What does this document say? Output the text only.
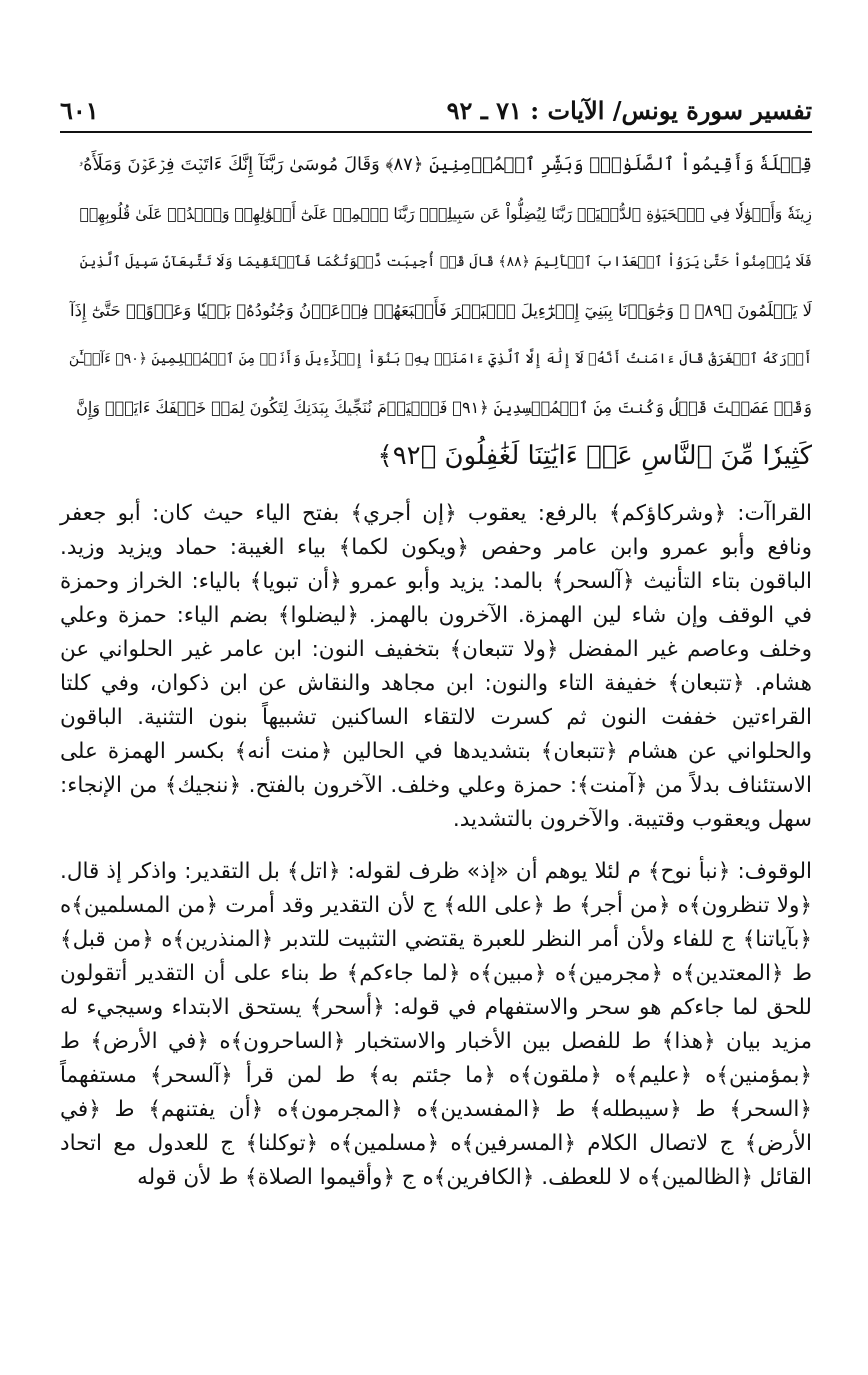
تفسير سورة يونس/ الآيات : ٧١ ـ ٩٢
٦٠١
قِبۡلَةٗ وَأَقِيمُواْ ٱلصَّلَوٰةَۗ وَبَشِّرِ ٱلۡمُؤۡمِنِينَ ﴿٨٧﴾ وَقَالَ مُوسَىٰ رَبَّنَآ إِنَّكَ ءَاتَيۡتَ فِرۡعَوۡنَ وَمَلَأَهُۥ
زِينَةٗ وَأَمۡوَٰلٗا فِي ٱلۡحَيَوٰةِ ٱلدُّنۡيَاۖ رَبَّنَا لِيُضِلُّواْ عَن سَبِيلِكَۖ رَبَّنَا ٱطۡمِسۡ عَلَىٰٓ أَمۡوَٰلِهِمۡ وَٱشۡدُدۡ عَلَىٰ قُلُوبِهِمۡ
فَلَا يُؤۡمِنُواْ حَتَّىٰ يَرَوُاْ ٱلۡعَذَابَ ٱلۡأَلِيمَ ﴿٨٨﴾ قَالَ قَدۡ أُجِيبَت دَّعۡوَتُكُمَا فَٱسۡتَقِيمَا وَلَا تَتَّبِعَآنِّ سَبِيلَ ٱلَّذِينَ
لَا يَعۡلَمُونَ ﴿٨٩﴾ ۞ وَجَٰوَزۡنَا بِبَنِيٓ إِسۡرَٰٓءِيلَ ٱلۡبَحۡرَ فَأَتۡبَعَهُمۡ فِرۡعَوۡنُ وَجُنُودُهُۥ بَغۡيٗا وَعَدۡوًاۖ حَتَّىٰٓ إِذَآ
أَدۡرَكَهُ ٱلۡغَرَقُ قَالَ ءَامَنتُ أَنَّهُۥ لَآ إِلَٰهَ إِلَّا ٱلَّذِيٓ ءَامَنَتۡ بِهِۦ بَنُوٓاْ إِسۡرَٰٓءِيلَ وَأَنَا۠ مِنَ ٱلۡمُسۡلِمِينَ ﴿٩٠﴾ ءَآلۡـَٰٔنَ
وَقَدۡ عَصَيۡتَ قَبۡلُ وَكُنتَ مِنَ ٱلۡمُفۡسِدِينَ ﴿٩١﴾ فَٱلۡيَوۡمَ نُنَجِّيكَ بِبَدَنِكَ لِتَكُونَ لِمَنۡ خَلۡفَكَ ءَايَةٗۚ وَإِنَّ
كَثِيرٗا مِّنَ ٱلنَّاسِ عَنۡ ءَايَٰتِنَا لَغَٰفِلُونَ ﴿٩٢﴾

القراآت: ﴿وشركاؤكم﴾ بالرفع: يعقوب ﴿إن أجري﴾ بفتح الياء حيث كان: أبو جعفر ونافع وأبو عمرو وابن عامر وحفص ﴿ويكون لكما﴾ بياء الغيبة: حماد ويزيد وزيد. الباقون بتاء التأنيث ﴿آلسحر﴾ بالمد: يزيد وأبو عمرو ﴿أن تبويا﴾ بالياء: الخراز وحمزة في الوقف وإن شاء لين الهمزة. الآخرون بالهمز. ﴿ليضلوا﴾ بضم الياء: حمزة وعلي وخلف وعاصم غير المفضل ﴿ولا تتبعان﴾ بتخفيف النون: ابن عامر غير الحلواني عن هشام. ﴿تتبعان﴾ خفيفة التاء والنون: ابن مجاهد والنقاش عن ابن ذكوان، وفي كلتا القراءتين خففت النون ثم كسرت لالتقاء الساكنين تشبيهاً بنون التثنية. الباقون والحلواني عن هشام ﴿تتبعان﴾ بتشديدها في الحالين ﴿منت أنه﴾ بكسر الهمزة على الاستئناف بدلاً من ﴿آمنت﴾: حمزة وعلي وخلف. الآخرون بالفتح. ﴿ننجيك﴾ من الإنجاء: سهل ويعقوب وقتيبة. والآخرون بالتشديد.

الوقوف: ﴿نبأ نوح﴾ م لئلا يوهم أن «إذ» ظرف لقوله: ﴿اتل﴾ بل التقدير: واذكر إذ قال. ﴿ولا تنظرون﴾ه ﴿من أجر﴾ ط ﴿على الله﴾ ج لأن التقدير وقد أمرت ﴿من المسلمين﴾ه ﴿بآياتنا﴾ ج للفاء ولأن أمر النظر للعبرة يقتضي التثبيت للتدبر ﴿المنذرين﴾ه ﴿من قبل﴾ ط ﴿المعتدين﴾ه ﴿مجرمين﴾ه ﴿مبين﴾ه ﴿لما جاءكم﴾ ط بناء على أن التقدير أتقولون للحق لما جاءكم هو سحر والاستفهام في قوله: ﴿أسحر﴾ يستحق الابتداء وسيجيء له مزيد بيان ﴿هذا﴾ ط للفصل بين الأخبار والاستخبار ﴿الساحرون﴾ه ﴿في الأرض﴾ ط ﴿بمؤمنين﴾ه ﴿عليم﴾ه ﴿ملقون﴾ه ﴿ما جئتم به﴾ ط لمن قرأ ﴿آلسحر﴾ مستفهماً ﴿السحر﴾ ط ﴿سيبطله﴾ ط ﴿المفسدين﴾ه ﴿المجرمون﴾ه ﴿أن يفتنهم﴾ ط ﴿في الأرض﴾ ج لاتصال الكلام ﴿المسرفين﴾ه ﴿مسلمين﴾ه ﴿توكلنا﴾ ج للعدول مع اتحاد القائل ﴿الظالمين﴾ه لا للعطف. ﴿الكافرين﴾ه ج ﴿وأقيموا الصلاة﴾ ط لأن قوله
